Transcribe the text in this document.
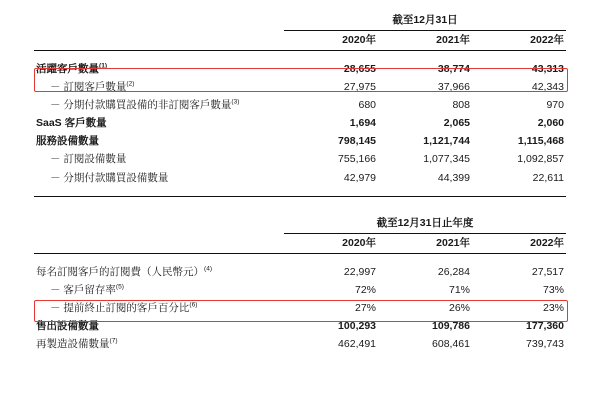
	截至12月31日		
	2020年	2021年	2022年

活躍客戶數量$^{(1)}$	28,655	38,774	43,313
－ 訂閱客戶數量$^{(2)}$	27,975	37,966	42,343
－ 分期付款購買設備的非訂閱客戶數量$^{(3)}$	680	808	970
SaaS 客戶數量	1,694	2,065	2,060
服務設備數量	798,145	1,121,744	1,115,468
－ 訂閱設備數量	755,166	1,077,345	1,092,857
－ 分期付款購買設備數量	42,979	44,399	22,611

	截至12月31日止年度		
	2020年	2021年	2022年

每名訂閱客戶的訂閱費（人民幣元）$^{(4)}$	22,997	26,284	27,517
－ 客戶留存率$^{(5)}$	72%	71%	73%
－ 提前終止訂閱的客戶百分比$^{(6)}$	27%	26%	23%
售出設備數量	100,293	109,786	177,360
再製造設備數量$^{(7)}$	462,491	608,461	739,743
